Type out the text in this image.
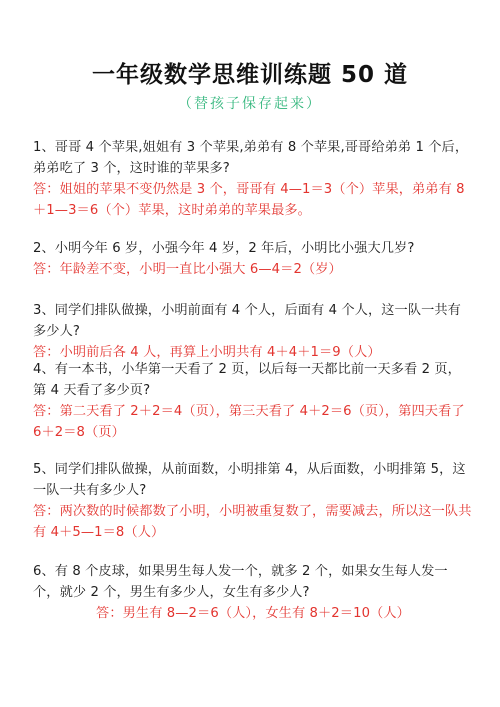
一年级数学思维训练题 50 道
（替孩子保存起来）

1、哥哥 4 个苹果,姐姐有 3 个苹果,弟弟有 8 个苹果,哥哥给弟弟 1 个后，弟弟吃了 3 个，这时谁的苹果多?

答：姐姐的苹果不变仍然是 3 个，哥哥有 4—1＝3（个）苹果，弟弟有 8＋1—3＝6（个）苹果，这时弟弟的苹果最多。

2、小明今年 6 岁，小强今年 4 岁，2 年后，小明比小强大几岁?

答：年龄差不变，小明一直比小强大 6—4＝2（岁）

3、同学们排队做操，小明前面有 4 个人，后面有 4 个人，这一队一共有多少人?

答：小明前后各 4 人，再算上小明共有 4＋4＋1＝9（人）

4、有一本书，小华第一天看了 2 页，以后每一天都比前一天多看 2 页，第 4 天看了多少页?

答：第二天看了 2＋2＝4（页），第三天看了 4＋2＝6（页），第四天看了 6＋2＝8（页）

5、同学们排队做操，从前面数，小明排第 4，从后面数，小明排第 5，这一队一共有多少人?

答：两次数的时候都数了小明，小明被重复数了，需要减去，所以这一队共有 4＋5—1＝8（人）

6、有 8 个皮球，如果男生每人发一个，就多 2 个，如果女生每人发一个，就少 2 个，男生有多少人，女生有多少人?

答：男生有 8—2＝6（人），女生有 8＋2＝10（人）
